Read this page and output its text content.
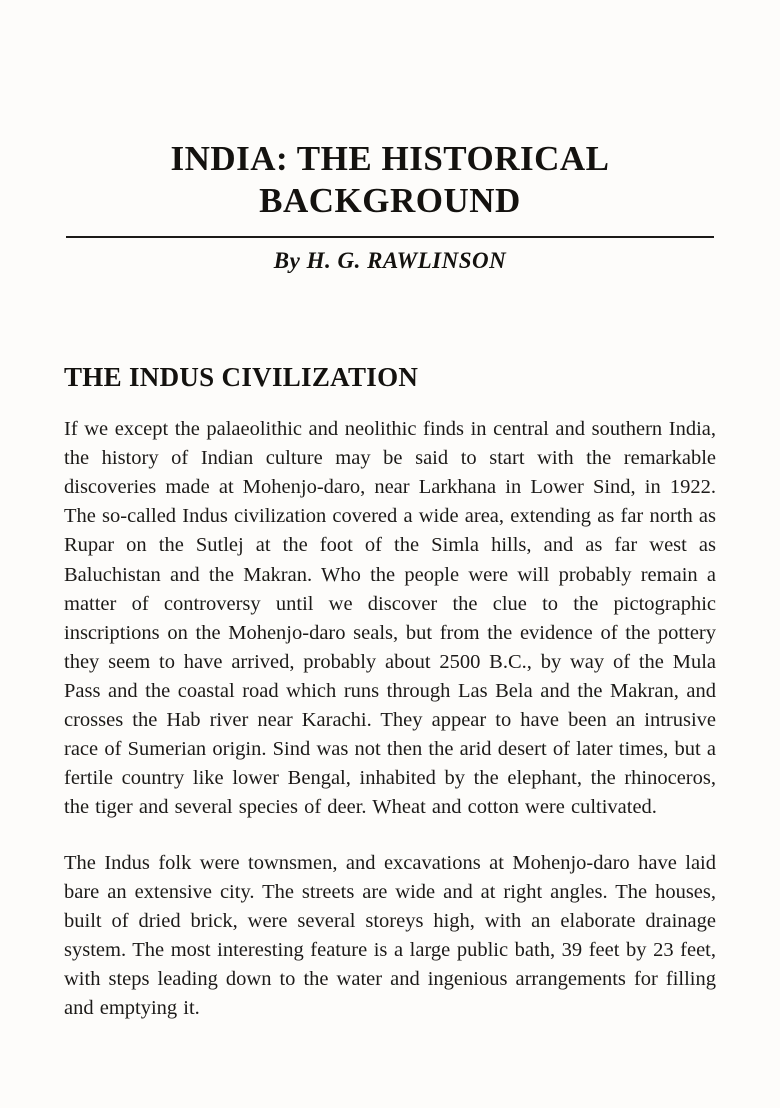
INDIA: THE HISTORICAL
BACKGROUND
By H. G. RAWLINSON
THE INDUS CIVILIZATION

If we except the palaeolithic and neolithic finds in central and southern India, the history of Indian culture may be said to start with the remarkable discoveries made at Mohenjo-daro, near Larkhana in Lower Sind, in 1922. The so-called Indus civilization covered a wide area, extending as far north as Rupar on the Sutlej at the foot of the Simla hills, and as far west as Baluchistan and the Makran. Who the people were will probably remain a matter of controversy until we discover the clue to the pictographic inscriptions on the Mohenjo-daro seals, but from the evidence of the pottery they seem to have arrived, probably about 2500 B.C., by way of the Mula Pass and the coastal road which runs through Las Bela and the Makran, and crosses the Hab river near Karachi. They appear to have been an intrusive race of Sumerian origin. Sind was not then the arid desert of later times, but a fertile country like lower Bengal, inhabited by the elephant, the rhinoceros, the tiger and several species of deer. Wheat and cotton were cultivated.

The Indus folk were townsmen, and excavations at Mohenjo-daro have laid bare an extensive city. The streets are wide and at right angles. The houses, built of dried brick, were several storeys high, with an elaborate drainage system. The most interesting feature is a large public bath, 39 feet by 23 feet, with steps leading down to the water and ingenious arrangements for filling and emptying it.
